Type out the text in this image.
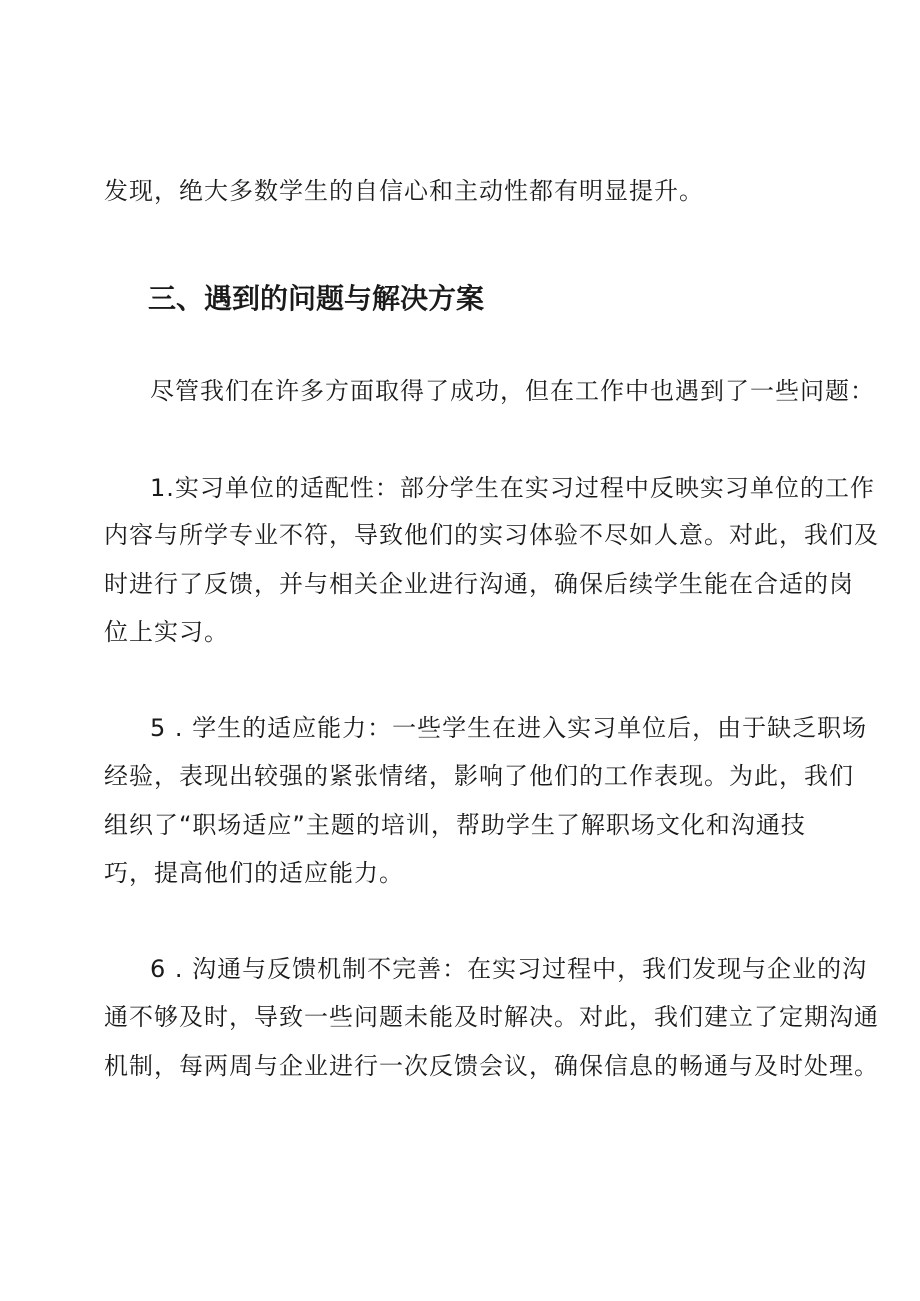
发现，绝大多数学生的自信心和主动性都有明显提升。
三、遇到的问题与解决方案
尽管我们在许多方面取得了成功，但在工作中也遇到了一些问题：
1.实习单位的适配性：部分学生在实习过程中反映实习单位的工作
内容与所学专业不符，导致他们的实习体验不尽如人意。对此，我们及
时进行了反馈，并与相关企业进行沟通，确保后续学生能在合适的岗
位上实习。
5 . 学生的适应能力：一些学生在进入实习单位后，由于缺乏职场
经验，表现出较强的紧张情绪，影响了他们的工作表现。为此，我们
组织了“职场适应”主题的培训，帮助学生了解职场文化和沟通技
巧，提高他们的适应能力。
6 . 沟通与反馈机制不完善：在实习过程中，我们发现与企业的沟
通不够及时，导致一些问题未能及时解决。对此，我们建立了定期沟通
机制，每两周与企业进行一次反馈会议，确保信息的畅通与及时处理。
